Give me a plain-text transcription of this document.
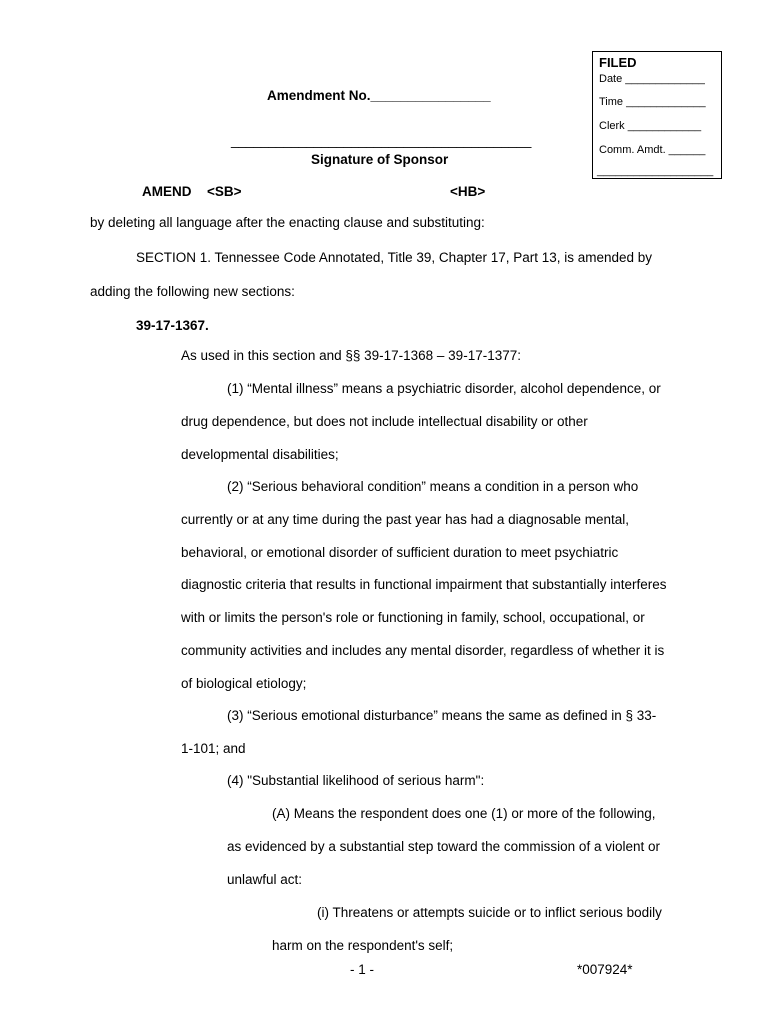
FILED
Date _____________
Time _____________
Clerk ____________
Comm. Amdt. ______
___________________
Amendment No.________________
________________________________________
Signature of Sponsor
AMEND <SB>	<HB>
by deleting all language after the enacting clause and substituting:
SECTION 1. Tennessee Code Annotated, Title 39, Chapter 17, Part 13, is amended by
adding the following new sections:
39-17-1367.
As used in this section and §§ 39-17-1368 – 39-17-1377:
(1) “Mental illness” means a psychiatric disorder, alcohol dependence, or
drug dependence, but does not include intellectual disability or other
developmental disabilities;
(2) “Serious behavioral condition” means a condition in a person who
currently or at any time during the past year has had a diagnosable mental,
behavioral, or emotional disorder of sufficient duration to meet psychiatric
diagnostic criteria that results in functional impairment that substantially interferes
with or limits the person's role or functioning in family, school, occupational, or
community activities and includes any mental disorder, regardless of whether it is
of biological etiology;
(3) “Serious emotional disturbance” means the same as defined in § 33-
1-101; and
(4) "Substantial likelihood of serious harm":
(A) Means the respondent does one (1) or more of the following,
as evidenced by a substantial step toward the commission of a violent or
unlawful act:
(i) Threatens or attempts suicide or to inflict serious bodily
harm on the respondent's self;
- 1 -	*007924*
